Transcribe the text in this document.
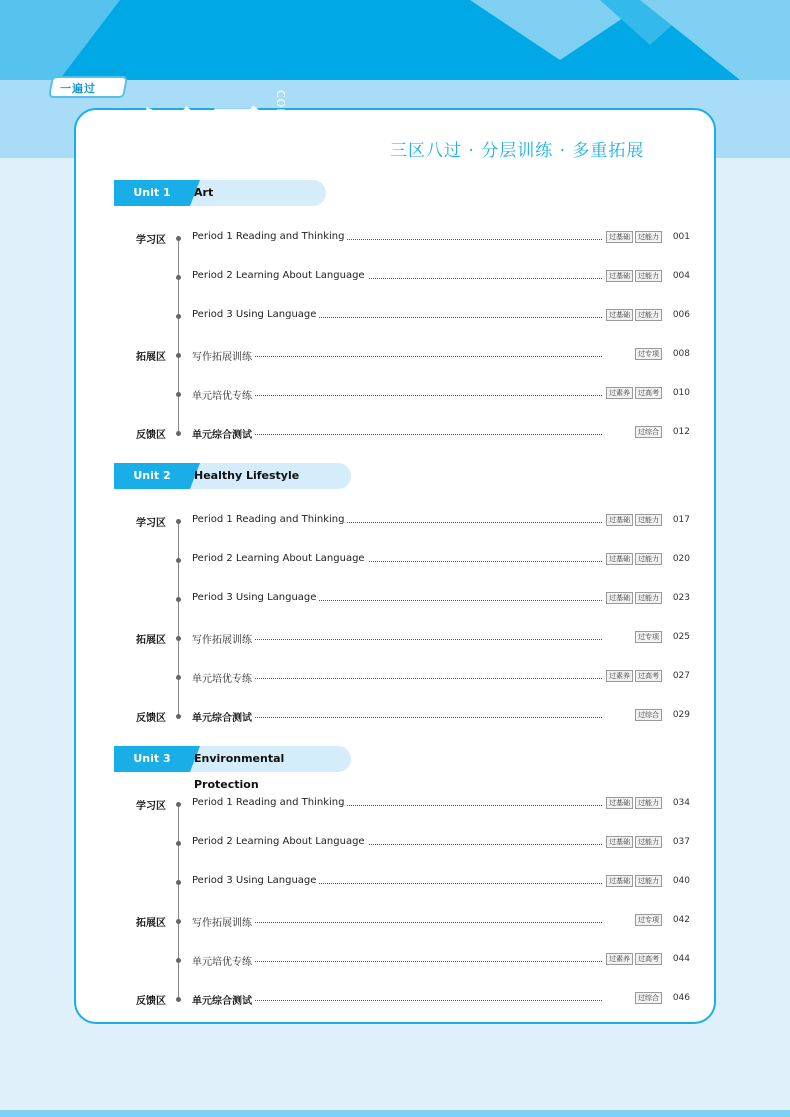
一遍过
目录 CONTENTS	三区八过 · 分层训练 · 多重拓展
Unit 1	Art
学习区	Period 1 Reading and Thinking	过基础	过能力	001
Period 2 Learning About Language	过基础	过能力	004
Period 3 Using Language	过基础	过能力	006
拓展区	写作拓展训练	过专项	008
单元培优专练	过素养	过高考	010
反馈区	单元综合测试	过综合	012
Unit 2	Healthy Lifestyle
学习区	Period 1 Reading and Thinking	过基础	过能力	017
Period 2 Learning About Language	过基础	过能力	020
Period 3 Using Language	过基础	过能力	023
拓展区	写作拓展训练	过专项	025
单元培优专练	过素养	过高考	027
反馈区	单元综合测试	过综合	029
Unit 3	Environmental Protection
学习区	Period 1 Reading and Thinking	过基础	过能力	034
Period 2 Learning About Language	过基础	过能力	037
Period 3 Using Language	过基础	过能力	040
拓展区	写作拓展训练	过专项	042
单元培优专练	过素养	过高考	044
反馈区	单元综合测试	过综合	046
